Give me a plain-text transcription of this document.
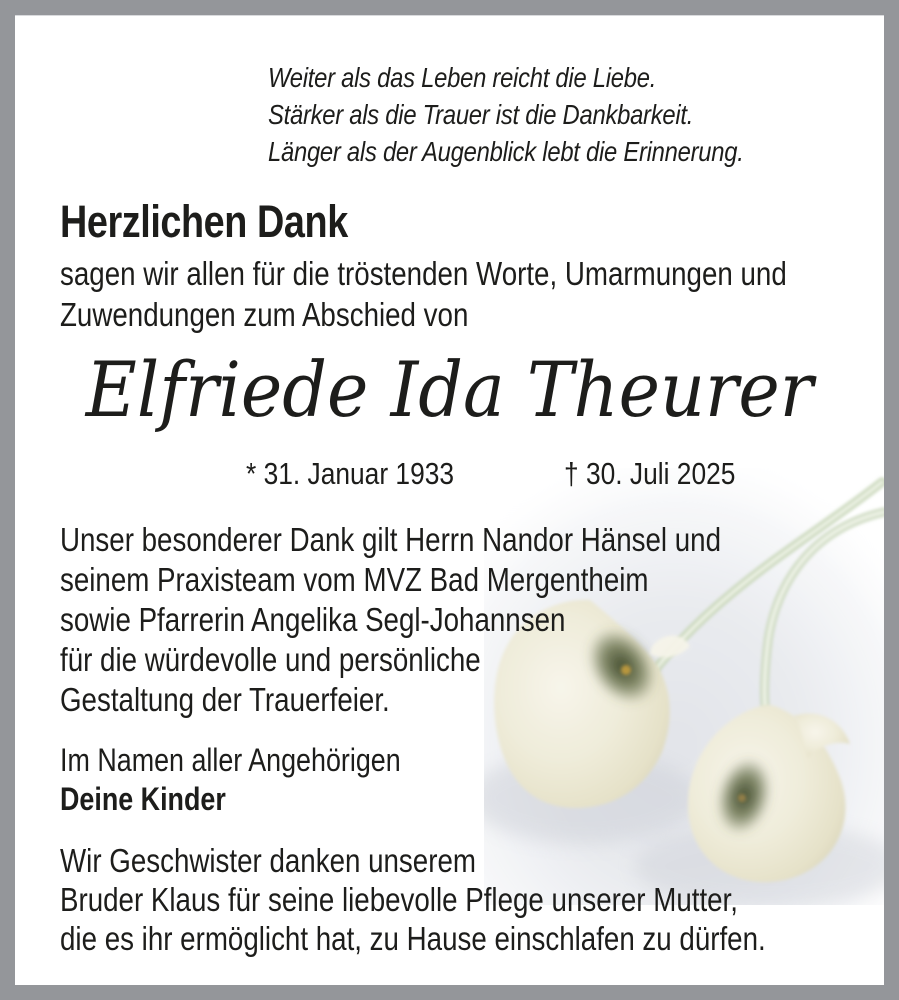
Weiter als das Leben reicht die Liebe.
Stärker als die Trauer ist die Dankbarkeit.
Länger als der Augenblick lebt die Erinnerung.
Herzlichen Dank
sagen wir allen für die tröstenden Worte, Umarmungen und
Zuwendungen zum Abschied von
Elfriede Ida Theurer
* 31. Januar 1933	† 30. Juli 2025
Unser besonderer Dank gilt Herrn Nandor Hänsel und
seinem Praxisteam vom MVZ Bad Mergentheim
sowie Pfarrerin Angelika Segl-Johannsen
für die würdevolle und persönliche
Gestaltung der Trauerfeier.
Im Namen aller Angehörigen
Deine Kinder
Wir Geschwister danken unserem
Bruder Klaus für seine liebevolle Pflege unserer Mutter,
die es ihr ermöglicht hat, zu Hause einschlafen zu dürfen.
